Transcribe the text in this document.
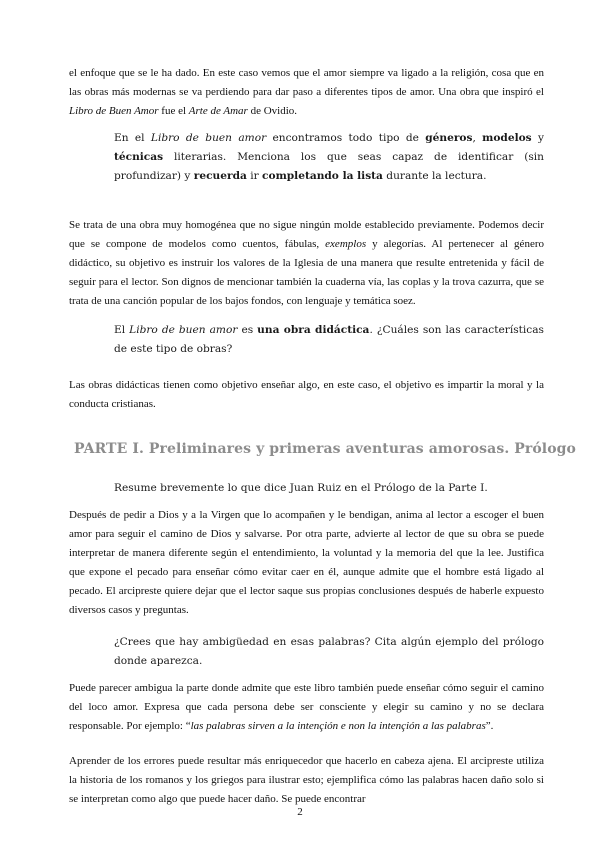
el enfoque que se le ha dado. En este caso vemos que el amor siempre va ligado a la religión, cosa que en las obras más modernas se va perdiendo para dar paso a diferentes tipos de amor. Una obra que inspiró el Libro de Buen Amor fue el Arte de Amar de Ovidio.

En el Libro de buen amor encontramos todo tipo de géneros, modelos y técnicas literarias. Menciona los que seas capaz de identificar (sin profundizar) y recuerda ir completando la lista durante la lectura.

Se trata de una obra muy homogénea que no sigue ningún molde establecido previamente. Podemos decir que se compone de modelos como cuentos, fábulas, exemplos y alegorías. Al pertenecer al género didáctico, su objetivo es instruir los valores de la Iglesia de una manera que resulte entretenida y fácil de seguir para el lector. Son dignos de mencionar también la cuaderna vía, las coplas y la trova cazurra, que se trata de una canción popular de los bajos fondos, con lenguaje y temática soez.

El Libro de buen amor es una obra didáctica. ¿Cuáles son las características de este tipo de obras?

Las obras didácticas tienen como objetivo enseñar algo, en este caso, el objetivo es impartir la moral y la conducta cristianas.

PARTE I. Preliminares y primeras aventuras amorosas. Prólogo

Resume brevemente lo que dice Juan Ruiz en el Prólogo de la Parte I.

Después de pedir a Dios y a la Virgen que lo acompañen y le bendigan, anima al lector a escoger el buen amor para seguir el camino de Dios y salvarse. Por otra parte, advierte al lector de que su obra se puede interpretar de manera diferente según el entendimiento, la voluntad y la memoria del que la lee. Justifica que expone el pecado para enseñar cómo evitar caer en él, aunque admite que el hombre está ligado al pecado. El arcipreste quiere dejar que el lector saque sus propias conclusiones después de haberle expuesto diversos casos y preguntas.

¿Crees que hay ambigüedad en esas palabras? Cita algún ejemplo del prólogo donde aparezca.

Puede parecer ambigua la parte donde admite que este libro también puede enseñar cómo seguir el camino del loco amor. Expresa que cada persona debe ser consciente y elegir su camino y no se declara responsable. Por ejemplo: “las palabras sirven a la intençión e non la intençión a las palabras”.

Aprender de los errores puede resultar más enriquecedor que hacerlo en cabeza ajena. El arcipreste utiliza la historia de los romanos y los griegos para ilustrar esto; ejemplifica cómo las palabras hacen daño solo si se interpretan como algo que puede hacer daño. Se puede encontrar

2
